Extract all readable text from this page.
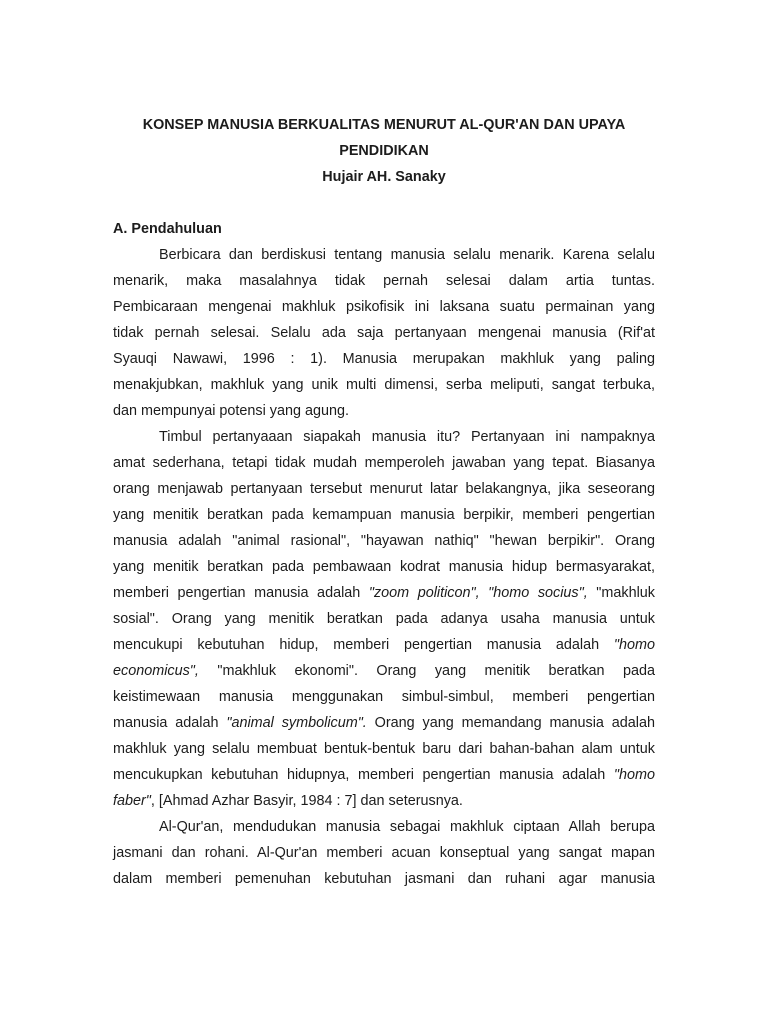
KONSEP MANUSIA BERKUALITAS MENURUT AL-QUR'AN DAN UPAYA
PENDIDIKAN
Hujair AH. Sanaky
A. Pendahuluan
Berbicara dan berdiskusi tentang manusia selalu menarik. Karena selalu
menarik, maka masalahnya tidak pernah selesai dalam artia tuntas.
Pembicaraan mengenai makhluk psikofisik ini laksana suatu permainan yang
tidak pernah selesai. Selalu ada saja pertanyaan mengenai manusia (Rif'at
Syauqi Nawawi, 1996 : 1). Manusia merupakan makhluk yang paling
menakjubkan, makhluk yang unik multi dimensi, serba meliputi, sangat terbuka,
dan mempunyai potensi yang agung.
Timbul pertanyaaan siapakah manusia itu? Pertanyaan ini nampaknya
amat sederhana, tetapi tidak mudah memperoleh jawaban yang tepat. Biasanya
orang menjawab pertanyaan tersebut menurut latar belakangnya, jika seseorang
yang menitik beratkan pada kemampuan manusia berpikir, memberi pengertian
manusia adalah "animal rasional", "hayawan nathiq" "hewan berpikir". Orang
yang menitik beratkan pada pembawaan kodrat manusia hidup bermasyarakat,
memberi pengertian manusia adalah "zoom politicon", "homo socius", "makhluk
sosial". Orang yang menitik beratkan pada adanya usaha manusia untuk
mencukupi kebutuhan hidup, memberi pengertian manusia adalah "homo
economicus", "makhluk ekonomi". Orang yang menitik beratkan pada
keistimewaan manusia menggunakan simbul-simbul, memberi pengertian
manusia adalah "animal symbolicum". Orang yang memandang manusia adalah
makhluk yang selalu membuat bentuk-bentuk baru dari bahan-bahan alam untuk
mencukupkan kebutuhan hidupnya, memberi pengertian manusia adalah "homo
faber", [Ahmad Azhar Basyir, 1984 : 7] dan seterusnya.
Al-Qur'an, mendudukan manusia sebagai makhluk ciptaan Allah berupa
jasmani dan rohani. Al-Qur'an memberi acuan konseptual yang sangat mapan
dalam memberi pemenuhan kebutuhan jasmani dan ruhani agar manusia
